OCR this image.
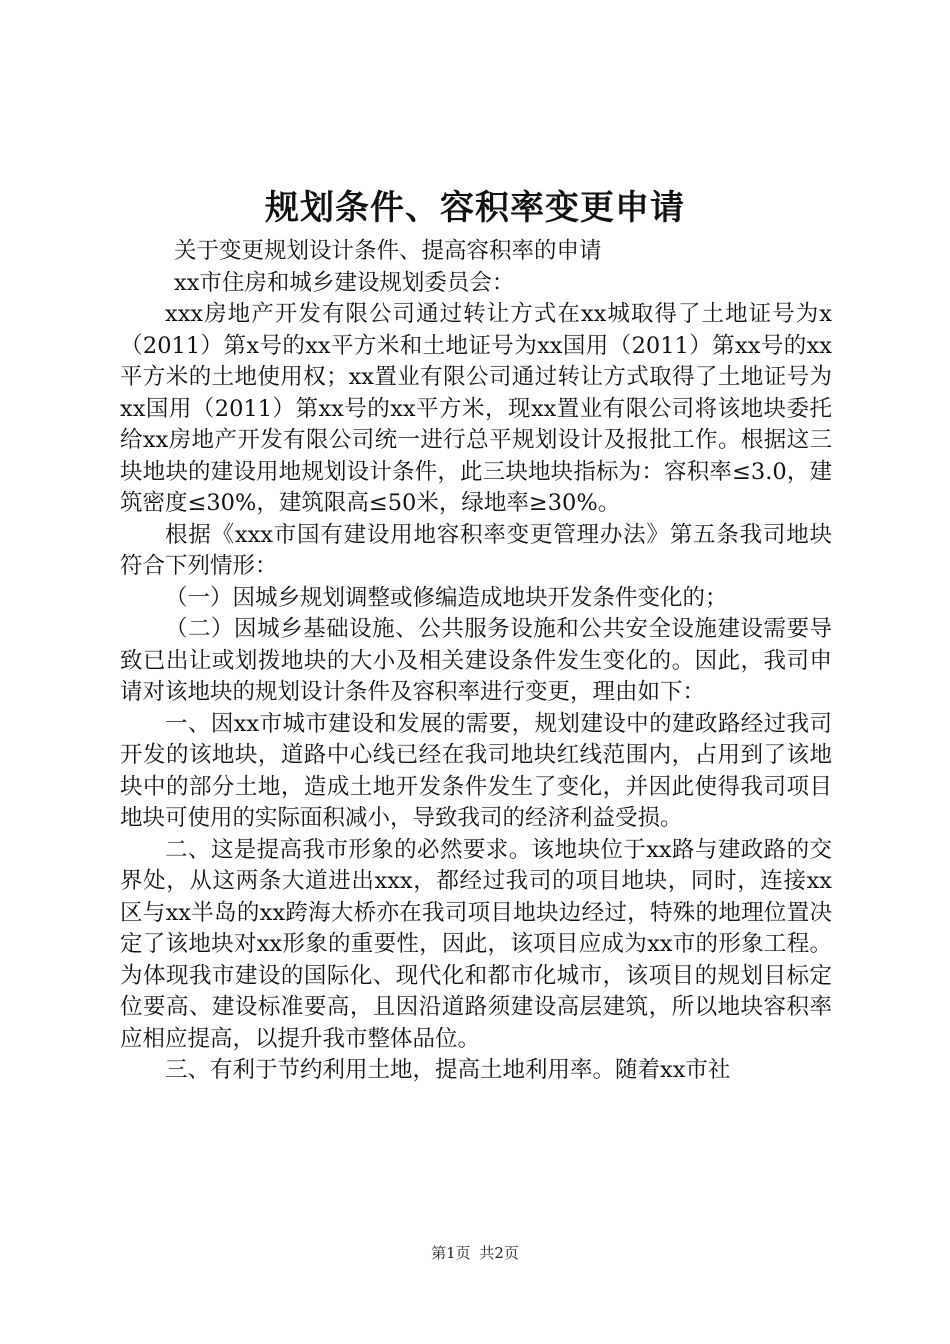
规划条件、容积率变更申请

关于变更规划设计条件、提高容积率的申请

xx市住房和城乡建设规划委员会：

xxx房地产开发有限公司通过转让方式在xx城取得了土地证号为x（2011）第x号的xx平方米和土地证号为xx国用（2011）第xx号的xx平方米的土地使用权；xx置业有限公司通过转让方式取得了土地证号为xx国用（2011）第xx号的xx平方米，现xx置业有限公司将该地块委托给xx房地产开发有限公司统一进行总平规划设计及报批工作。根据这三块地块的建设用地规划设计条件，此三块地块指标为：容积率≤3.0，建筑密度≤30%，建筑限高≤50米，绿地率≥30%。

根据《xxx市国有建设用地容积率变更管理办法》第五条我司地块符合下列情形：

（一）因城乡规划调整或修编造成地块开发条件变化的；

（二）因城乡基础设施、公共服务设施和公共安全设施建设需要导致已出让或划拨地块的大小及相关建设条件发生变化的。因此，我司申请对该地块的规划设计条件及容积率进行变更，理由如下：

一、因xx市城市建设和发展的需要，规划建设中的建政路经过我司开发的该地块，道路中心线已经在我司地块红线范围内，占用到了该地块中的部分土地，造成土地开发条件发生了变化，并因此使得我司项目地块可使用的实际面积减小，导致我司的经济利益受损。

二、这是提高我市形象的必然要求。该地块位于xx路与建政路的交界处，从这两条大道进出xxx，都经过我司的项目地块，同时，连接xx区与xx半岛的xx跨海大桥亦在我司项目地块边经过，特殊的地理位置决定了该地块对xx形象的重要性，因此，该项目应成为xx市的形象工程。为体现我市建设的国际化、现代化和都市化城市，该项目的规划目标定位要高、建设标准要高，且因沿道路须建设高层建筑，所以地块容积率应相应提高，以提升我市整体品位。

三、有利于节约利用土地，提高土地利用率。随着xx市社

第1页 共2页
